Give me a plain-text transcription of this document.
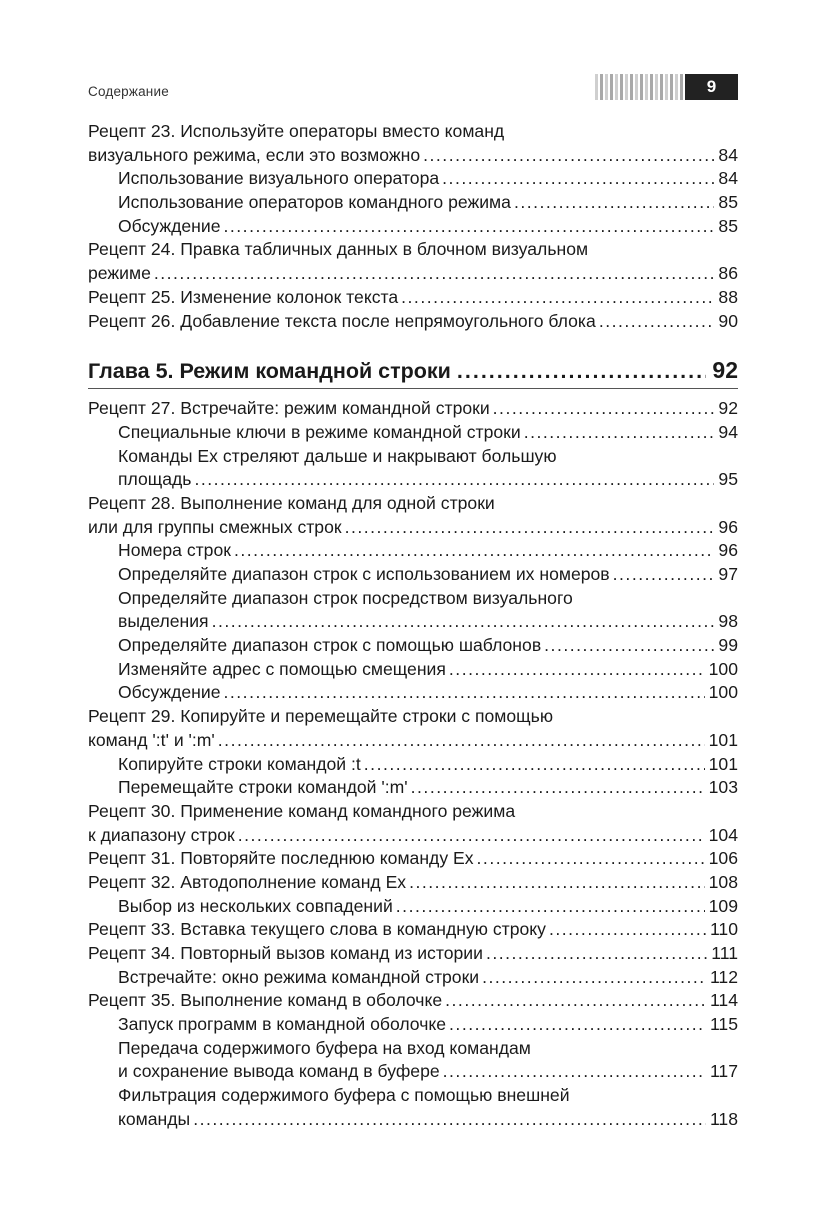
Содержание	9
Рецепт 23. Используйте операторы вместо команд
визуального режима, если это возможно .....	84
Использование визуального оператора .....	84
Использование операторов командного режима .....	85
Обсуждение .....	85
Рецепт 24. Правка табличных данных в блочном визуальном
режиме .....	86
Рецепт 25. Изменение колонок текста .....	88
Рецепт 26. Добавление текста после непрямоугольного блока .....	90
Глава 5. Режим командной строки .....	92
Рецепт 27. Встречайте: режим командной строки .....	92
Специальные ключи в режиме командной строки .....	94
Команды Ex стреляют дальше и накрывают большую
площадь .....	95
Рецепт 28. Выполнение команд для одной строки
или для группы смежных строк .....	96
Номера строк .....	96
Определяйте диапазон строк с использованием их номеров .....	97
Определяйте диапазон строк посредством визуального
выделения .....	98
Определяйте диапазон строк с помощью шаблонов .....	99
Изменяйте адрес с помощью смещения .....	100
Обсуждение .....	100
Рецепт 29. Копируйте и перемещайте строки с помощью
команд ':t' и ':m' .....	101
Копируйте строки командой :t .....	101
Перемещайте строки командой ':m' .....	103
Рецепт 30. Применение команд командного режима
к диапазону строк .....	104
Рецепт 31. Повторяйте последнюю команду Ex .....	106
Рецепт 32. Автодополнение команд Ex .....	108
Выбор из нескольких совпадений .....	109
Рецепт 33. Вставка текущего слова в командную строку .....	110
Рецепт 34. Повторный вызов команд из истории .....	111
Встречайте: окно режима командной строки .....	112
Рецепт 35. Выполнение команд в оболочке .....	114
Запуск программ в командной оболочке .....	115
Передача содержимого буфера на вход командам
и сохранение вывода команд в буфере .....	117
Фильтрация содержимого буфера с помощью внешней
команды .....	118
